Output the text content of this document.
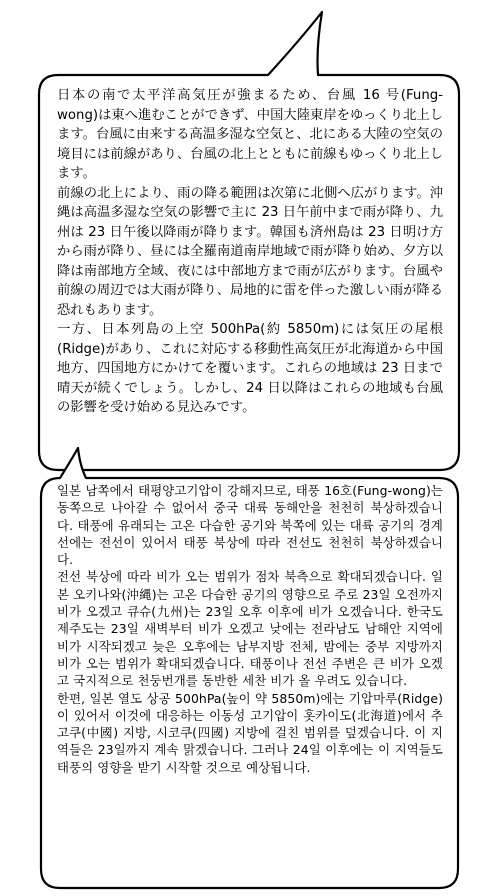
日本の南で太平洋高気圧が強まるため、台風 16 号(Fung-wong)は東へ進むことができず、中国大陸東岸をゆっくり北上します。台風に由来する高温多湿な空気と、北にある大陸の空気の境目には前線があり、台風の北上とともに前線もゆっくり北上します。

前線の北上により、雨の降る範囲は次第に北側へ広がります。沖縄は高温多湿な空気の影響で主に 23 日午前中まで雨が降り、九州は 23 日午後以降雨が降ります。韓国も済州島は 23 日明け方から雨が降り、昼には全羅南道南岸地域で雨が降り始め、夕方以降は南部地方全域、夜には中部地方まで雨が広がります。台風や前線の周辺では大雨が降り、局地的に雷を伴った激しい雨が降る恐れもあります。

一方、日本列島の上空 500hPa(約 5850m)には気圧の尾根(Ridge)があり、これに対応する移動性高気圧が北海道から中国地方、四国地方にかけてを覆います。これらの地域は 23 日まで晴天が続くでしょう。しかし、24 日以降はこれらの地域も台風の影響を受け始める見込みです。

일본 남쪽에서 태평양고기압이 강해지므로, 태풍 16호(Fung-wong)는 동쪽으로 나아갈 수 없어서 중국 대륙 동해안을 천천히 북상하겠습니다. 태풍에 유래되는 고온 다습한 공기와 북쪽에 있는 대륙 공기의 경계선에는 전선이 있어서 태풍 북상에 따라 전선도 천천히 북상하겠습니다.

전선 북상에 따라 비가 오는 범위가 점차 북측으로 확대되겠습니다. 일본 오키나와(沖縄)는 고온 다습한 공기의 영향으로 주로 23일 오전까지 비가 오겠고 큐슈(九州)는 23일 오후 이후에 비가 오겠습니다. 한국도 제주도는 23일 새벽부터 비가 오겠고 낮에는 전라남도 남해안 지역에 비가 시작되겠고 늦은 오후에는 남부지방 전체, 밤에는 중부 지방까지 비가 오는 범위가 확대되겠습니다. 태풍이나 전선 주변은 큰 비가 오겠고 국지적으로 천둥번개를 동반한 세찬 비가 올 우려도 있습니다.

한편, 일본 열도 상공 500hPa(높이 약 5850m)에는 기압마루(Ridge)이 있어서 이것에 대응하는 이동성 고기압이 홋카이도(北海道)에서 추고쿠(中國) 지방, 시코쿠(四國) 지방에 걸친 범위를 덮겠습니다. 이 지역들은 23일까지 계속 맑겠습니다. 그러나 24일 이후에는 이 지역들도 태풍의 영향을 받기 시작할 것으로 예상됩니다.
